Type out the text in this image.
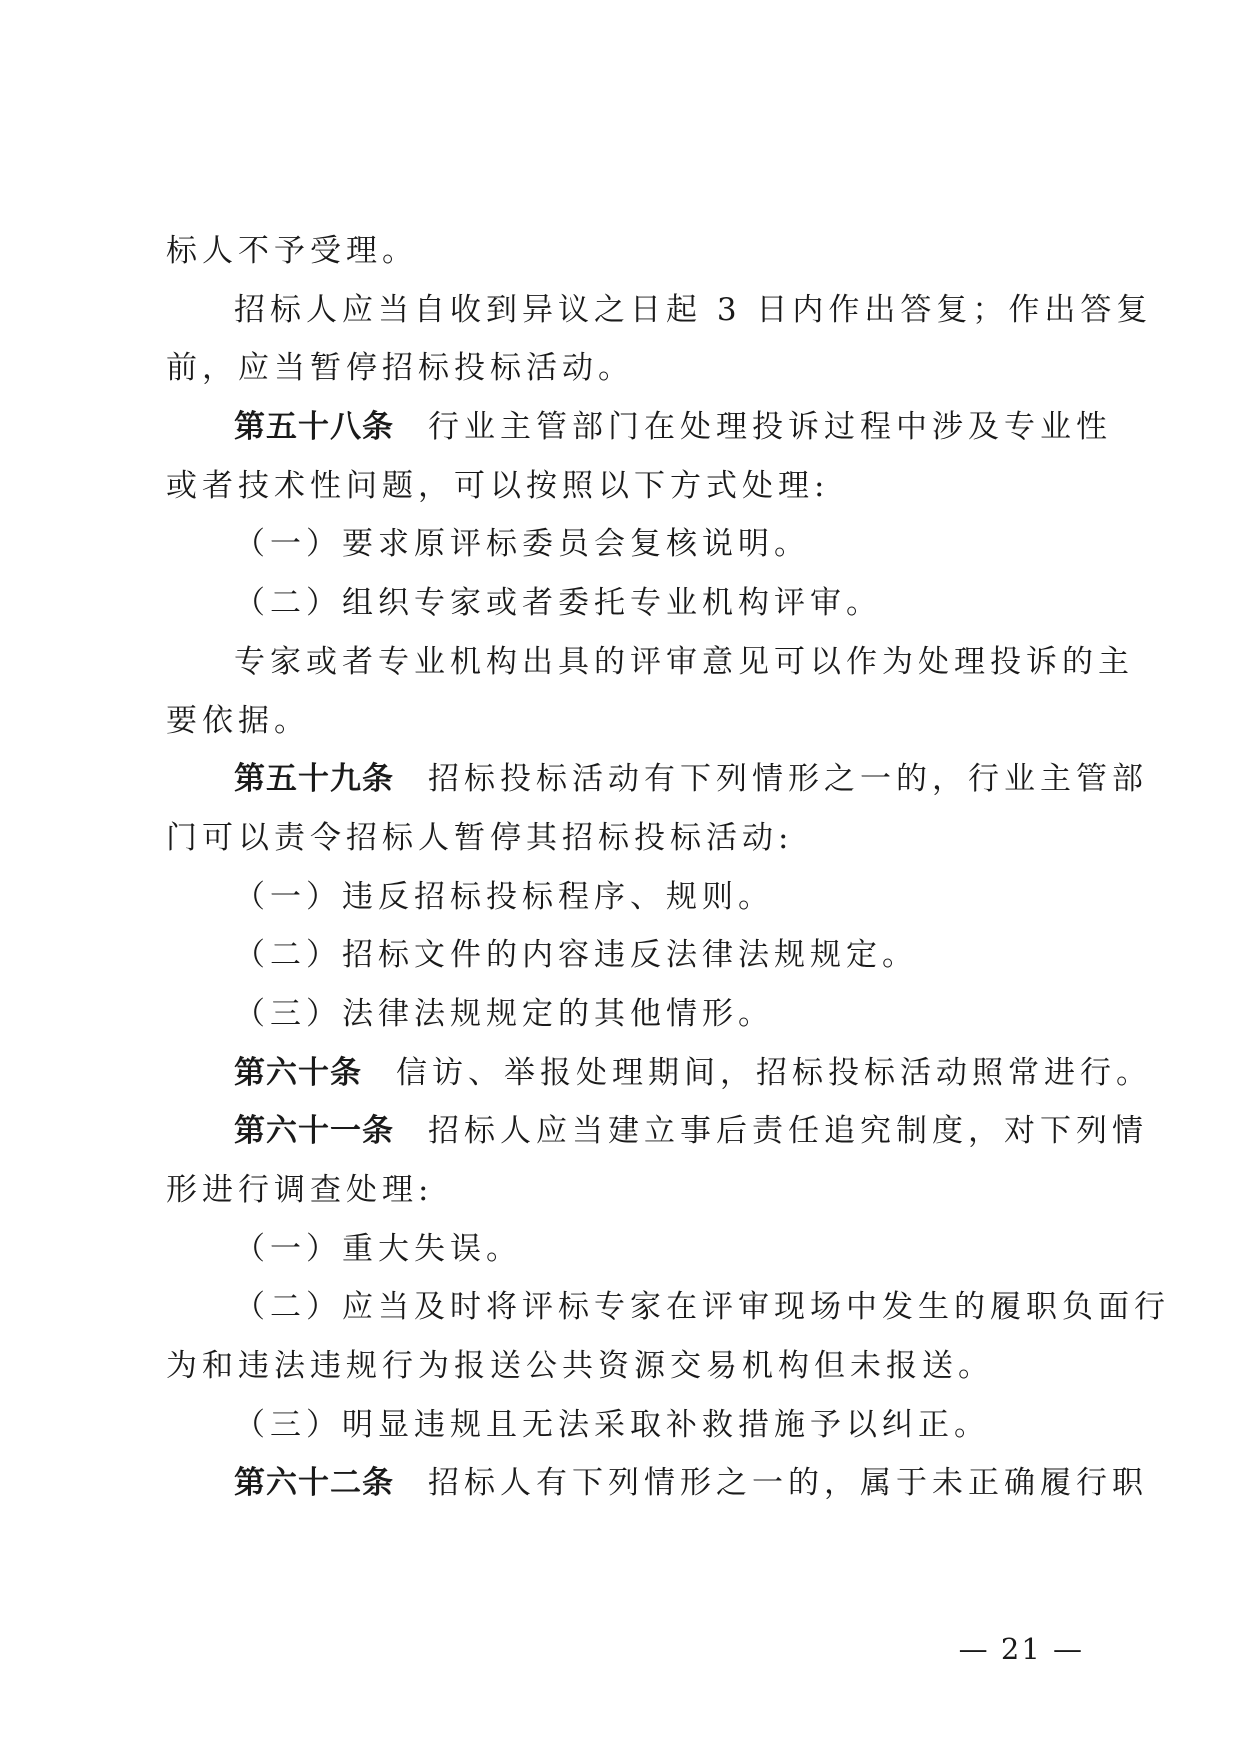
标人不予受理。
招标人应当自收到异议之日起 3 日内作出答复；作出答复
前，应当暂停招标投标活动。
第五十八条 行业主管部门在处理投诉过程中涉及专业性
或者技术性问题，可以按照以下方式处理:
（一）要求原评标委员会复核说明。
（二）组织专家或者委托专业机构评审。
专家或者专业机构出具的评审意见可以作为处理投诉的主
要依据。
第五十九条 招标投标活动有下列情形之一的，行业主管部
门可以责令招标人暂停其招标投标活动:
（一）违反招标投标程序、规则。
（二）招标文件的内容违反法律法规规定。
（三）法律法规规定的其他情形。
第六十条 信访、举报处理期间，招标投标活动照常进行。
第六十一条 招标人应当建立事后责任追究制度，对下列情
形进行调查处理:
（一）重大失误。
（二）应当及时将评标专家在评审现场中发生的履职负面行
为和违法违规行为报送公共资源交易机构但未报送。
（三）明显违规且无法采取补救措施予以纠正。
第六十二条 招标人有下列情形之一的，属于未正确履行职
— 21 —
